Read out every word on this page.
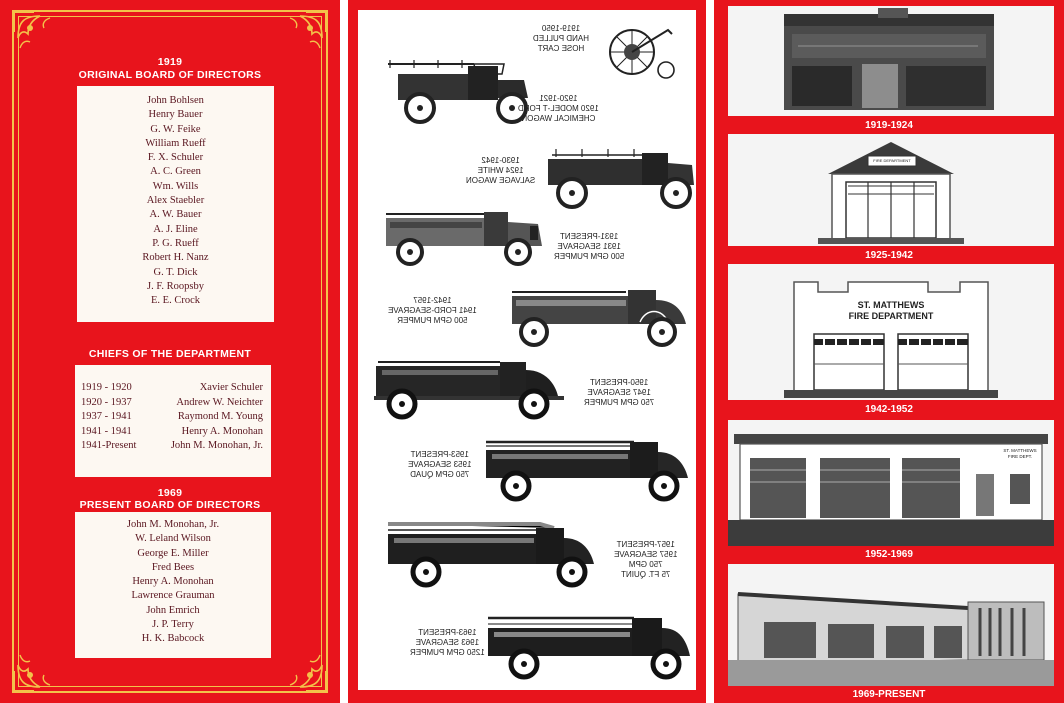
1919
ORIGINAL BOARD OF DIRECTORS
John Bohlsen
Henry Bauer
G. W. Feike
William Rueff
F. X. Schuler
A. C. Green
Wm. Wills
Alex Staebler
A. W. Bauer
A. J. Eline
P. G. Rueff
Robert H. Nanz
G. T. Dick
J. F. Roopsby
E. E. Crock
CHIEFS OF THE DEPARTMENT
1919 - 1920	Xavier Schuler
1920 - 1937	Andrew W. Neichter
1937 - 1941	Raymond M. Young
1941 - 1941	Henry A. Monohan
1941-Present	John M. Monohan, Jr.
1969
PRESENT BOARD OF DIRECTORS
John M. Monohan, Jr.
W. Leland Wilson
George E. Miller
Fred Bees
Henry A. Monohan
Lawrence Grauman
John Emrich
J. P. Terry
H. K. Babcock
1919-1950
HAND PULLED
HOSE CART
1920-1921
1920 MODEL-T FORD
CHEMICAL WAGON
1930-1942
1924 WHITE
SALVAGE WAGON
1931-PRESENT
1931 SEAGRAVE
500 GPM PUMPER
1942-1957
1941 FORD-SEAGRAVE
500 GPM PUMPER
1950-PRESENT
1947 SEAGRAVE
750 GPM PUMPER
1953-PRESENT
1953 SEAGRAVE
750 GPM QUAD
1957-PRESENT
1957 SEAGRAVE
750 GPM
75 FT. QUINT
1963-PRESENT
1963 SEAGRAVE
1250 GPM PUMPER
1919-1924
FIRE DEPARTMENT
1925-1942
ST. MATTHEWS
FIRE DEPARTMENT
1942-1952
ST. MATTHEWS
FIRE DEPT.
1952-1969
1969-PRESENT
